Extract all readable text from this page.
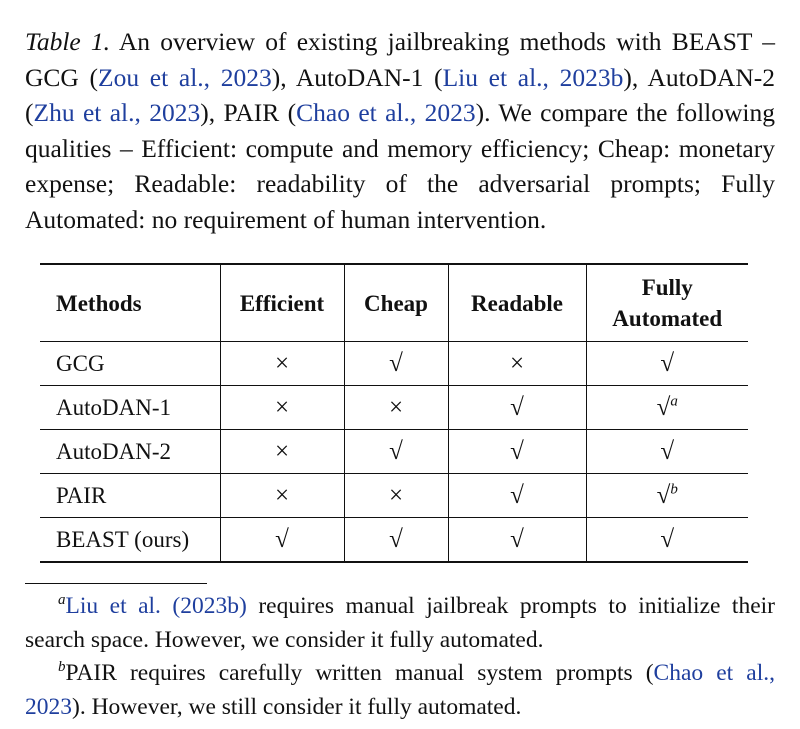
Table 1. An overview of existing jailbreaking methods with BEAST – GCG (Zou et al., 2023), AutoDAN-1 (Liu et al., 2023b), AutoDAN-2 (Zhu et al., 2023), PAIR (Chao et al., 2023). We compare the following qualities – Efficient: compute and memory efficiency; Cheap: monetary expense; Readable: readability of the adversarial prompts; Fully Automated: no requirement of human intervention.
Methods	Efficient	Cheap	Readable	Fully Automated
GCG	×	√	×	√
AutoDAN-1	×	×	√	√$^a$
AutoDAN-2	×	√	√	√
PAIR	×	×	√	√$^b$
BEAST (ours)	√	√	√	√

$^a$Liu et al. (2023b) requires manual jailbreak prompts to initialize their search space. However, we consider it fully automated.

$^b$PAIR requires carefully written manual system prompts (Chao et al., 2023). However, we still consider it fully automated.
